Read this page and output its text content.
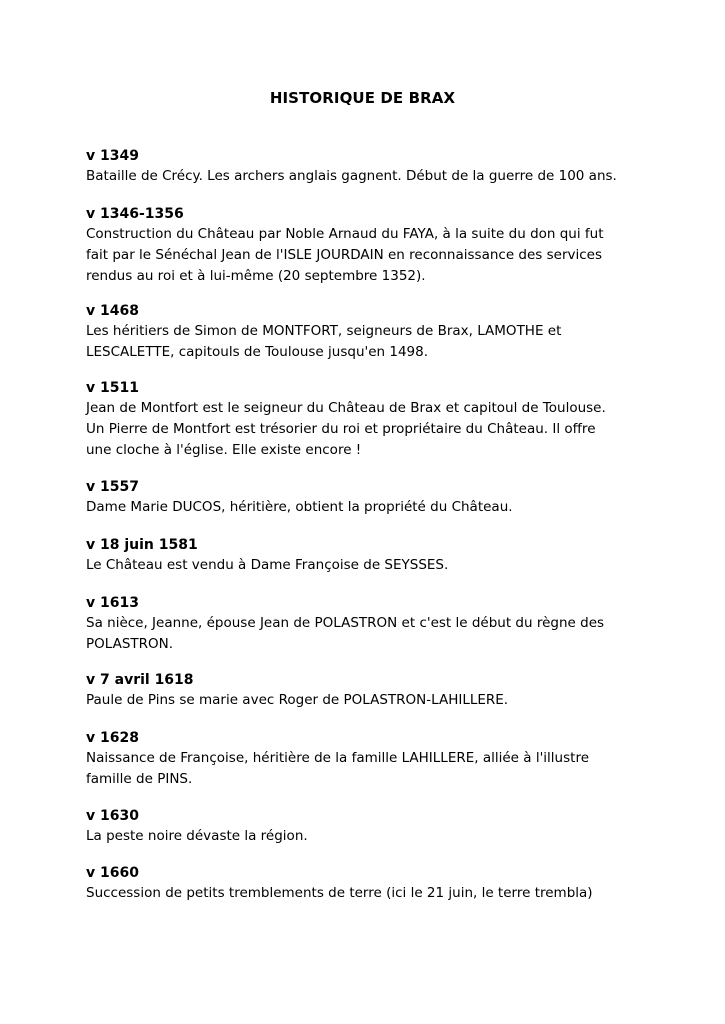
HISTORIQUE DE BRAX
v 1349
Bataille de Crécy. Les archers anglais gagnent. Début de la guerre de 100 ans.
v 1346-1356
Construction du Château par Noble Arnaud du FAYA, à la suite du don qui fut
fait par le Sénéchal Jean de l'ISLE JOURDAIN en reconnaissance des services
rendus au roi et à lui-même (20 septembre 1352).
v 1468
Les héritiers de Simon de MONTFORT, seigneurs de Brax, LAMOTHE et
LESCALETTE, capitouls de Toulouse jusqu'en 1498.
v 1511
Jean de Montfort est le seigneur du Château de Brax et capitoul de Toulouse.
Un Pierre de Montfort est trésorier du roi et propriétaire du Château. Il offre
une cloche à l'église. Elle existe encore !
v 1557
Dame Marie DUCOS, héritière, obtient la propriété du Château.
v 18 juin 1581
Le Château est vendu à Dame Françoise de SEYSSES.
v 1613
Sa nièce, Jeanne, épouse Jean de POLASTRON et c'est le début du règne des
POLASTRON.
v 7 avril 1618
Paule de Pins se marie avec Roger de POLASTRON-LAHILLERE.
v 1628
Naissance de Françoise, héritière de la famille LAHILLERE, alliée à l'illustre
famille de PINS.
v 1630
La peste noire dévaste la région.
v 1660
Succession de petits tremblements de terre (ici le 21 juin, le terre trembla)
